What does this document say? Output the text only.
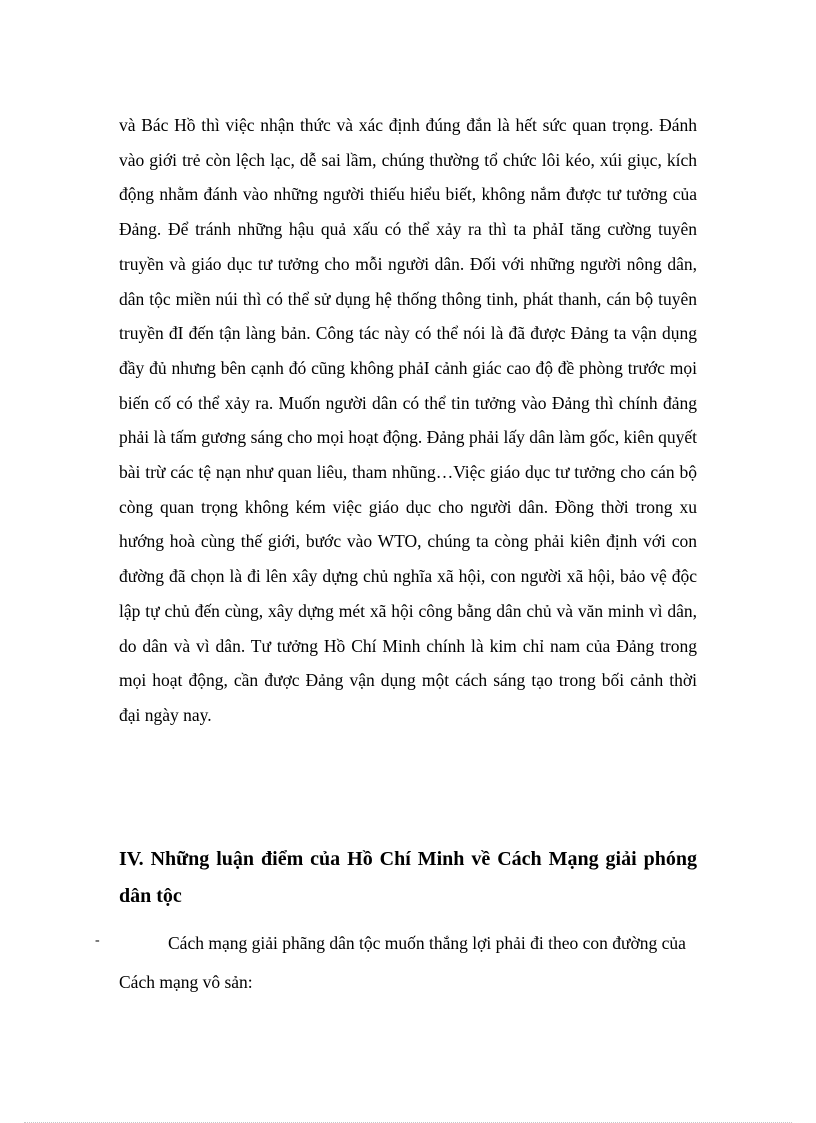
và Bác Hồ thì việc nhận thức và xác định đúng đắn là hết sức quan trọng. Đánh vào giới trẻ còn lệch lạc, dễ sai lầm, chúng thường tổ chức lôi kéo, xúi giục, kích động nhằm đánh vào những người thiếu hiểu biết, không nắm được tư tưởng của Đảng. Để tránh những hậu quả xấu có thể xảy ra thì ta phảI tăng cường tuyên truyền và giáo dục tư tưởng cho mỗi người dân. Đối với những người nông dân, dân tộc miền núi thì có thể sử dụng hệ thống thông tinh, phát thanh, cán bộ tuyên truyền đI đến tận làng bản. Công tác này có thể nói là đã được Đảng ta vận dụng đầy đủ nhưng bên cạnh đó cũng không phảI cảnh giác cao độ đề phòng trước mọi biến cố có thể xảy ra. Muốn người dân có thể tin tưởng vào Đảng thì chính đảng phải là tấm gương sáng cho mọi hoạt động. Đảng phải lấy dân làm gốc, kiên quyết bài trừ các tệ nạn như quan liêu, tham nhũng…Việc giáo dục tư tưởng cho cán bộ còng quan trọng không kém việc giáo dục cho người dân. Đồng thời trong xu hướng hoà cùng thế giới, bước vào WTO, chúng ta còng phải kiên định với con đường đã chọn là đi lên xây dựng chủ nghĩa xã hội, con người xã hội, bảo vệ độc lập tự chủ đến cùng, xây dựng mét xã hội công bằng dân chủ và văn minh vì dân, do dân và vì dân. Tư tưởng Hồ Chí Minh chính là kim chỉ nam của Đảng trong mọi hoạt động, cần được Đảng vận dụng một cách sáng tạo trong bối cảnh thời đại ngày nay.

IV. Những luận điểm của Hồ Chí Minh về Cách Mạng giải phóng dân tộc
-	Cách mạng giải phãng dân tộc muốn thắng lợi phải đi theo con đường của Cách mạng vô sản:
